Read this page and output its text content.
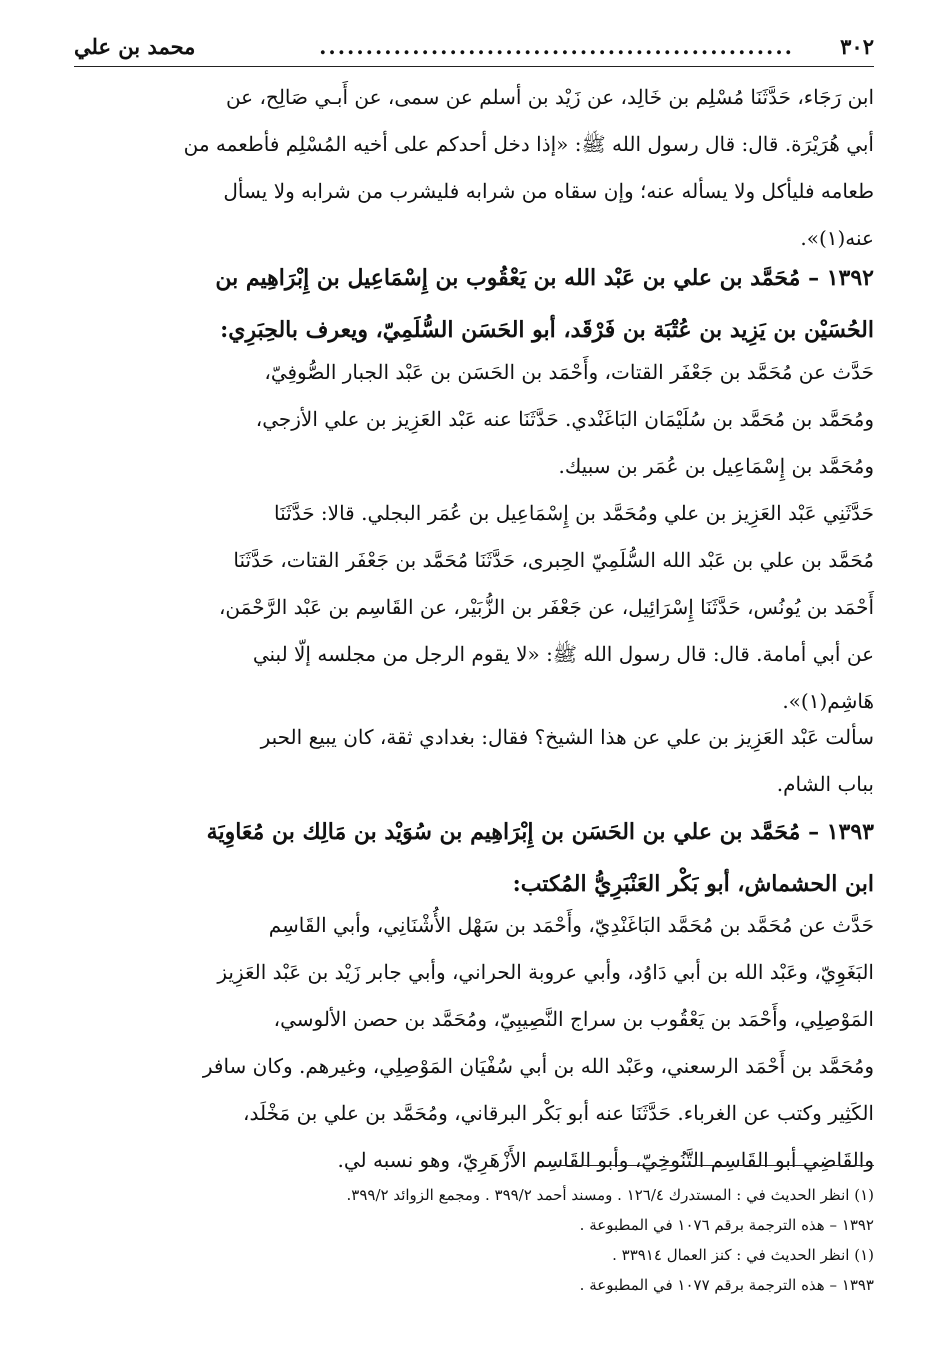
٣٠٢
...................................................
محمد بن علي
ابن رَجَاء، حَدَّثَنَا مُسْلِم بن خَالِد، عن زَيْد بن أسلم عن سمى، عن أَبـي صَالِح، عن
أبي هُرَيْرَة. قال: قال رسول الله ﷺ: «إذا دخل أحدكم على أخيه المُسْلِم فأطعمه من
طعامه فليأكل ولا يسأله عنه؛ وإن سقاه من شرابه فليشرب من شرابه ولا يسأل
عنه(١)».
١٣٩٢ – مُحَمَّد بن علي بن عَبْد الله بن يَعْقُوب بن إِسْمَاعِيل بن إِبْرَاهِيم بن
الحُسَيْن بن يَزِيد بن عُتْبَة بن فَرْقَد، أبو الحَسَن السُّلَمِيّ، ويعرف بالحِبَرِي:
حَدَّث عن مُحَمَّد بن جَعْفَر القتات، وأَحْمَد بن الحَسَن بن عَبْد الجبار الصُّوفِيّ،
ومُحَمَّد بن مُحَمَّد بن سُلَيْمَان البَاغَنْدي. حَدَّثَنَا عنه عَبْد العَزِيز بن علي الأزجي،
ومُحَمَّد بن إِسْمَاعِيل بن عُمَر بن سبيك.
حَدَّثَنِي عَبْد العَزِيز بن علي ومُحَمَّد بن إِسْمَاعِيل بن عُمَر البجلي. قالا: حَدَّثَنَا
مُحَمَّد بن علي بن عَبْد الله السُّلَمِيّ الحِبرى، حَدَّثَنَا مُحَمَّد بن جَعْفَر القتات، حَدَّثَنَا
أَحْمَد بن يُونُس، حَدَّثَنَا إِسْرَائِيل، عن جَعْفَر بن الزُّبَيْر، عن القَاسِم بن عَبْد الرَّحْمَن،
عن أبي أمامة. قال: قال رسول الله ﷺ: «لا يقوم الرجل من مجلسه إلّا لبني
هَاشِم(١)».
سألت عَبْد العَزِيز بن علي عن هذا الشيخ؟ فقال: بغدادي ثقة، كان يبيع الحبر
بباب الشام.
١٣٩٣ – مُحَمَّد بن علي بن الحَسَن بن إِبْرَاهِيم بن سُوَيْد بن مَالِك بن مُعَاوِيَة
ابن الحشماش، أبو بَكْر العَنْبَرِيُّ المُكتب:
حَدَّث عن مُحَمَّد بن مُحَمَّد البَاغَنْدِيّ، وأَحْمَد بن سَهْل الأُشْنَانِي، وأبي القَاسِم
البَغَوِيّ، وعَبْد الله بن أبي دَاوُد، وأبي عروبة الحراني، وأبي جابر زَيْد بن عَبْد العَزِيز
المَوْصِلِي، وأَحْمَد بن يَعْقُوب بن سراج النَّصِيبِيّ، ومُحَمَّد بن حصن الألوسي،
ومُحَمَّد بن أَحْمَد الرسعني، وعَبْد الله بن أبي سُفْيَان المَوْصِلِي، وغيرهم. وكان سافر
الكَثِير وكتب عن الغرباء. حَدَّثَنَا عنه أبو بَكْر البرقاني، ومُحَمَّد بن علي بن مَخْلَد،
والقَاضِي أبو القَاسِم التَّنُوخِيّ، وأبو القَاسِم الأَزْهَرِيّ، وهو نسبه لي.
(١) انظر الحديث في : المستدرك ١٢٦/٤ . ومسند أحمد ٣٩٩/٢ . ومجمع الزوائد ٣٩٩/٢.
١٣٩٢ – هذه الترجمة برقم ١٠٧٦ في المطبوعة .
(١) انظر الحديث في : كنز العمال ٣٣٩١٤ .
١٣٩٣ – هذه الترجمة برقم ١٠٧٧ في المطبوعة .
